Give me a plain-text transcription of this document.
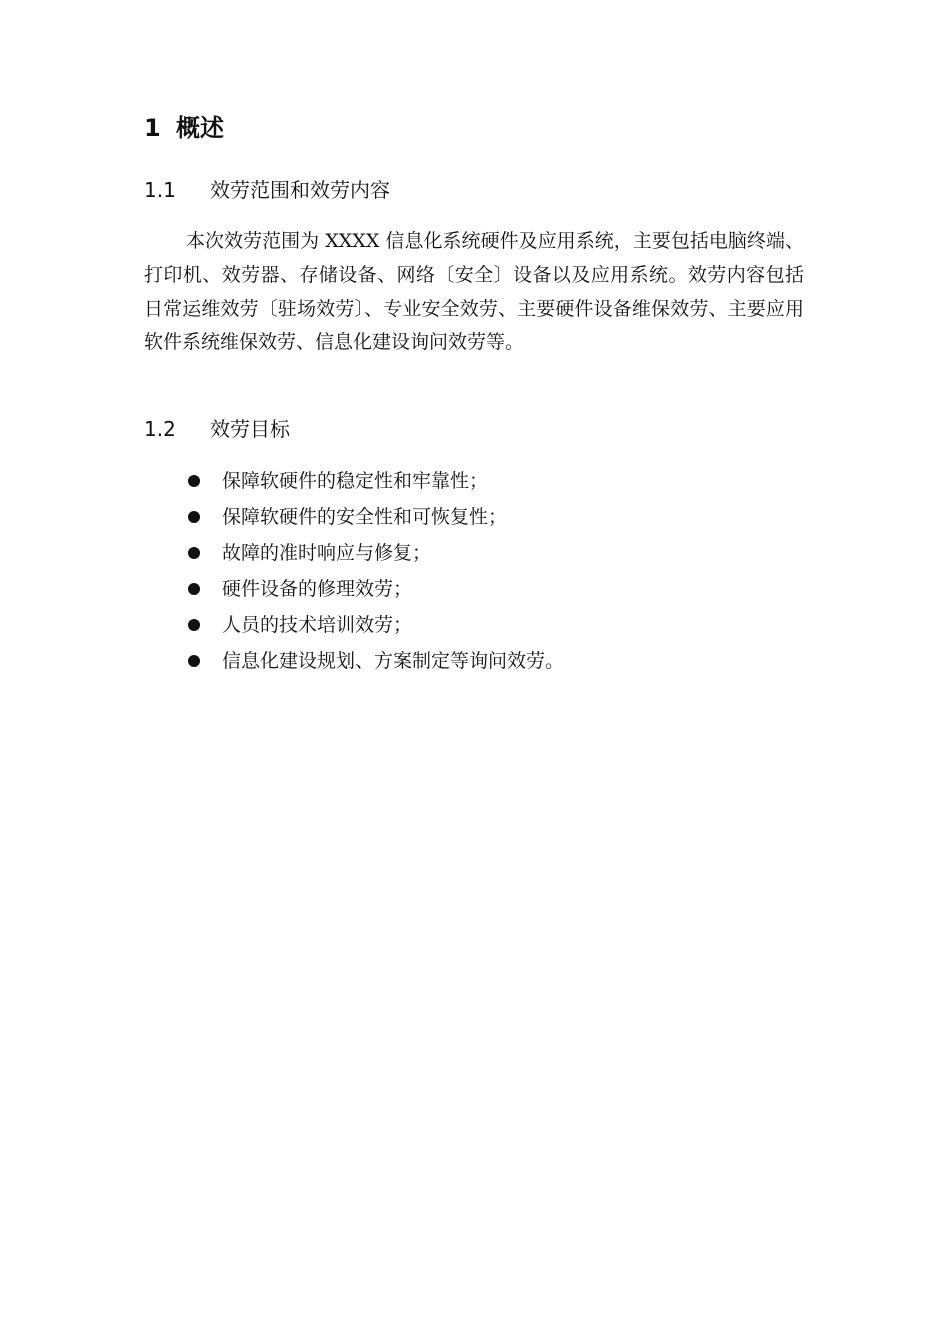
1 概述
1.1 效劳范围和效劳内容

本次效劳范围为 XXXX 信息化系统硬件及应用系统，主要包括电脑终端、打印机、效劳器、存储设备、网络〔安全〕设备以及应用系统。效劳内容包括日常运维效劳〔驻场效劳〕、专业安全效劳、主要硬件设备维保效劳、主要应用软件系统维保效劳、信息化建设询问效劳等。

1.2 效劳目标
保障软硬件的稳定性和牢靠性；
保障软硬件的安全性和可恢复性；
故障的准时响应与修复；
硬件设备的修理效劳；
人员的技术培训效劳；
信息化建设规划、方案制定等询问效劳。
